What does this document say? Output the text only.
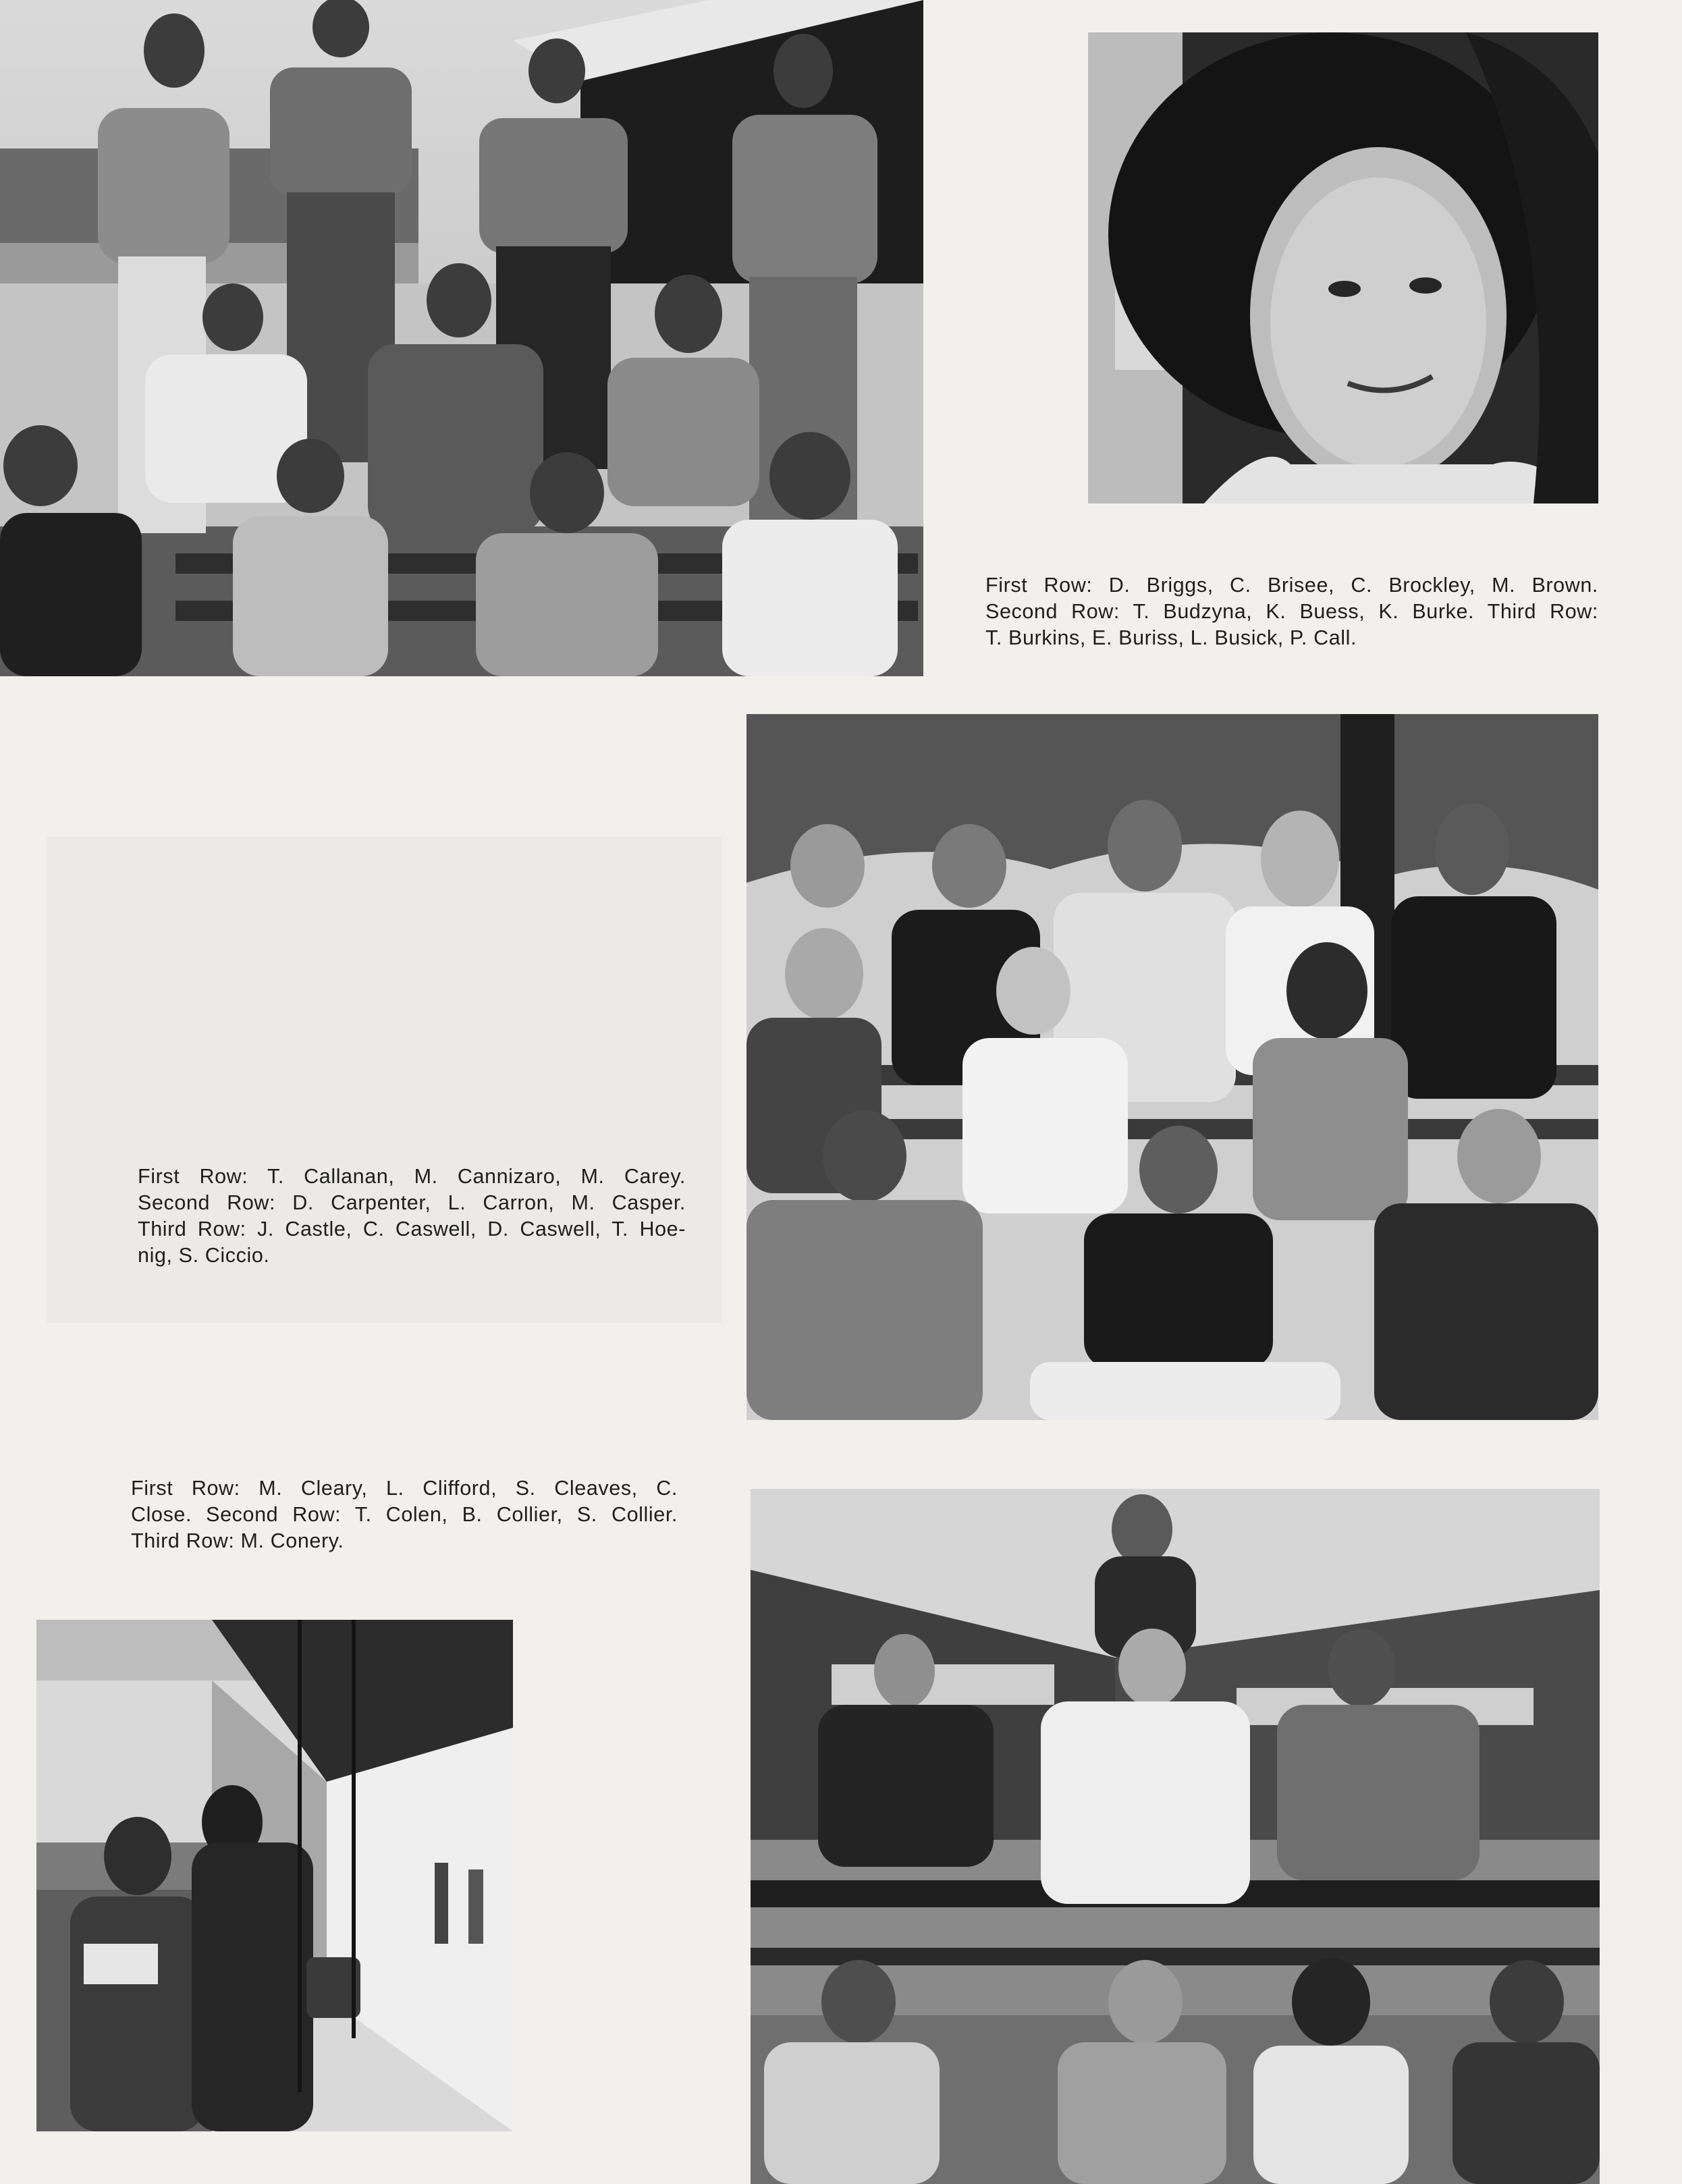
First Row: D. Briggs, C. Brisee, C. Brockley, M. Brown.
Second Row: T. Budzyna, K. Buess, K. Burke. Third Row:
T. Burkins, E. Buriss, L. Busick, P. Call.
First Row: T. Callanan, M. Cannizaro, M. Carey.
Second Row: D. Carpenter, L. Carron, M. Casper.
Third Row: J. Castle, C. Caswell, D. Caswell, T. Hoe-
nig, S. Ciccio.
First Row: M. Cleary, L. Clifford, S. Cleaves, C.
Close. Second Row: T. Colen, B. Collier, S. Collier.
Third Row: M. Conery.
